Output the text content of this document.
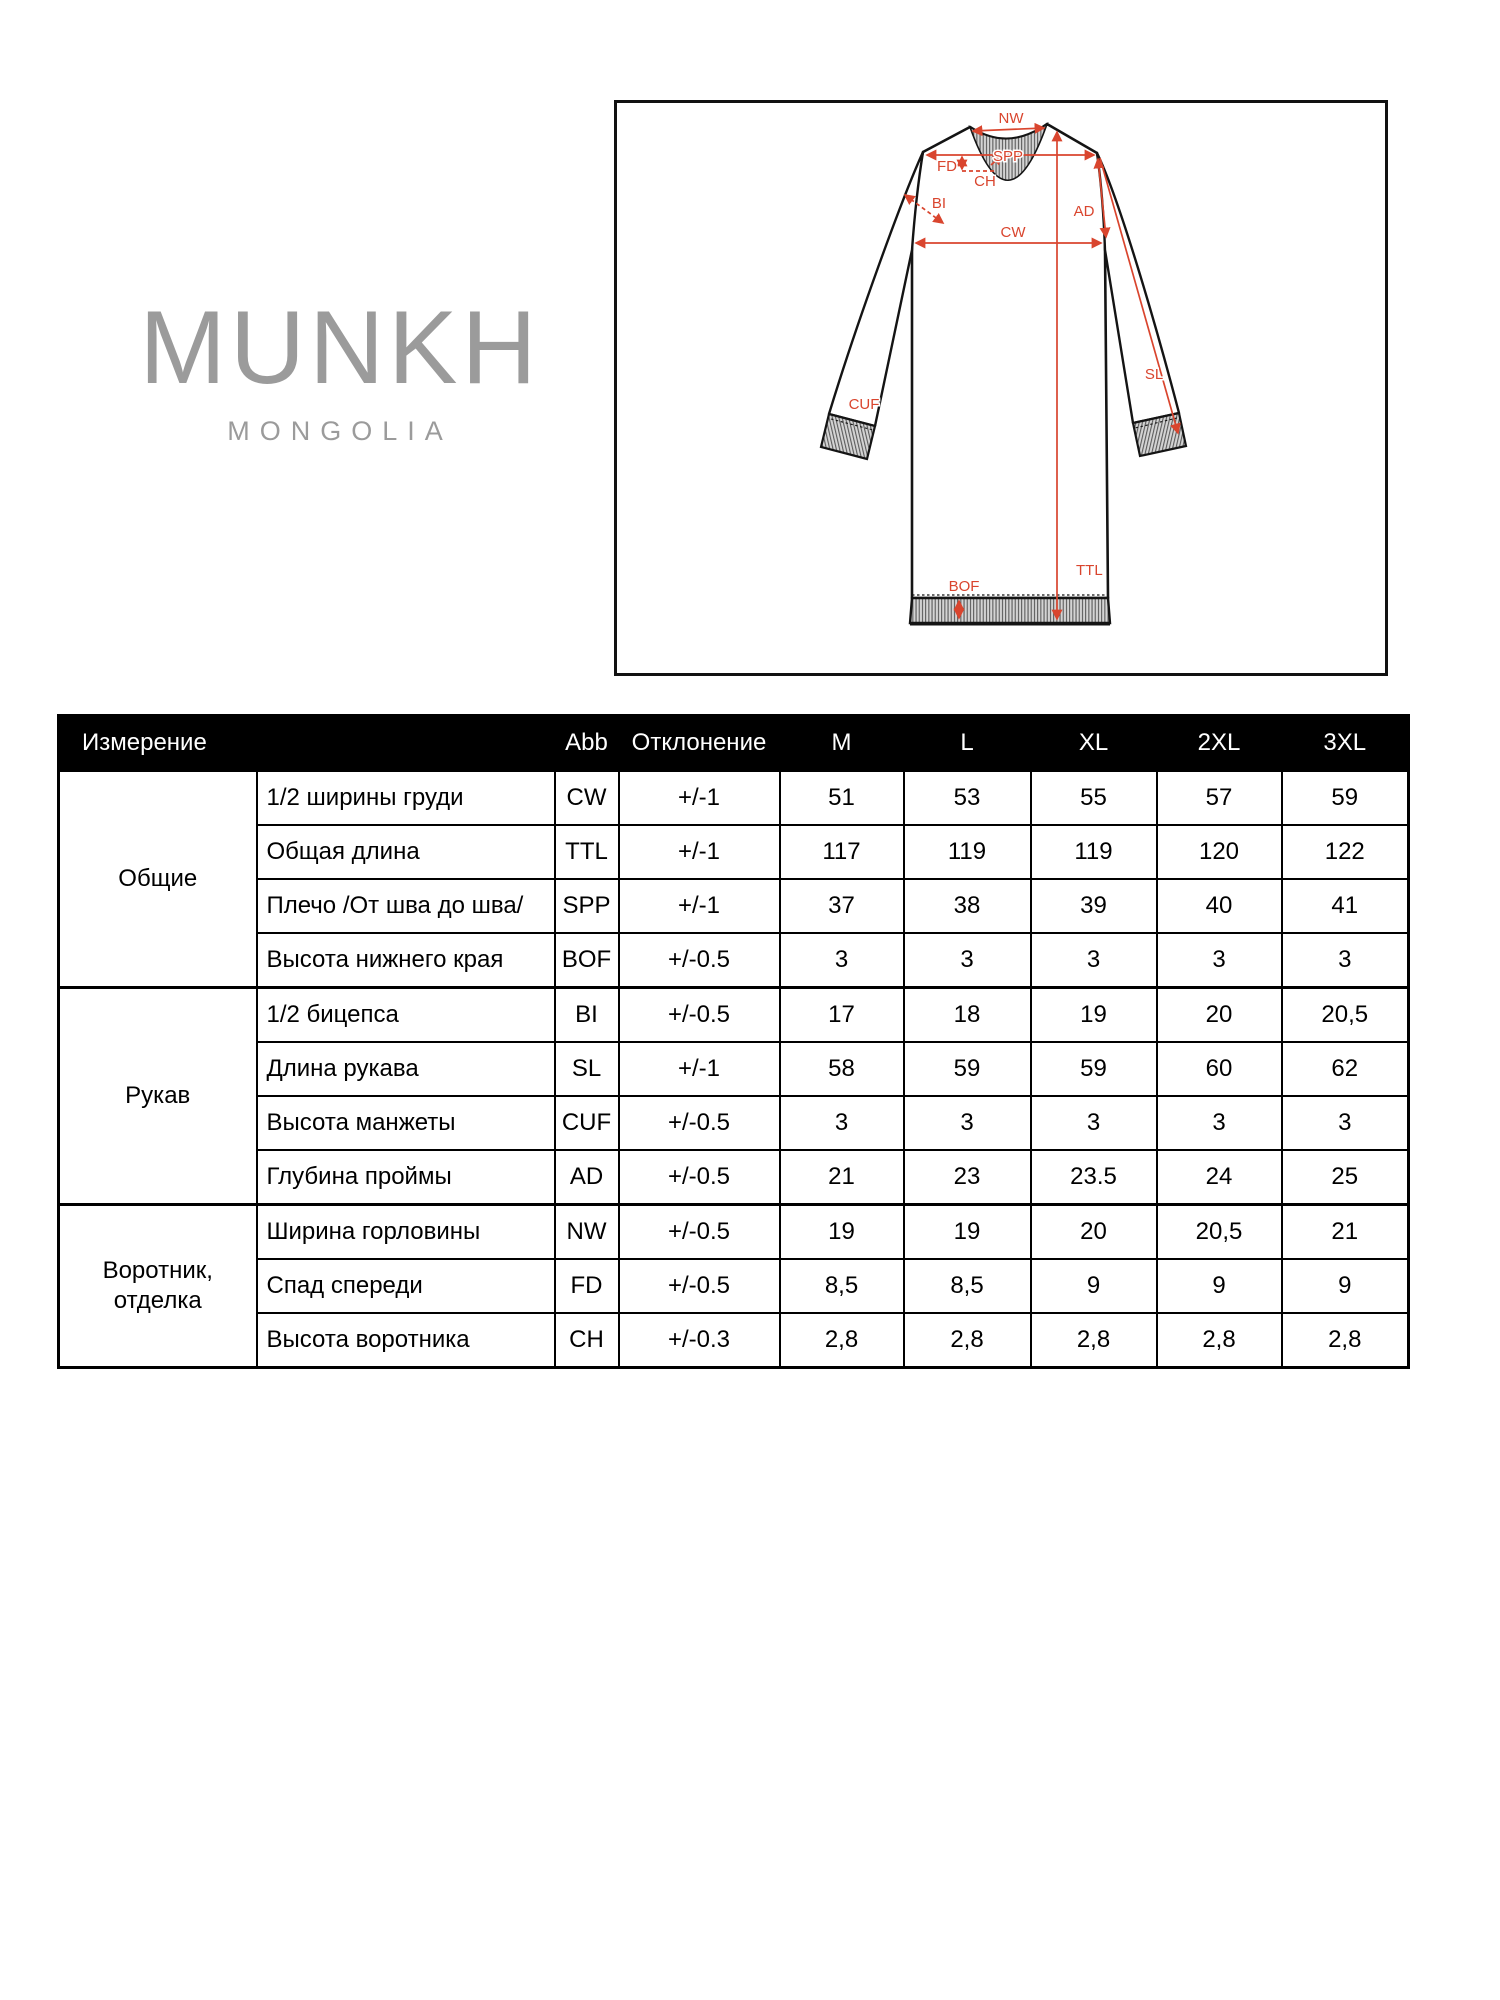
MUNKH
MONGOLIA
NW
SPP
FD
CH
BI
CW
AD
SL
CUF
TTL
BOF
Измерение		Abb	Отклонение	M	L	XL	2XL	3XL
Общие	1/2 ширины груди	CW	+/-1	51	53	55	57	59
	Общая длина	TTL	+/-1	117	119	119	120	122
	Плечо /От шва до шва/	SPP	+/-1	37	38	39	40	41
	Высота нижнего края	BOF	+/-0.5	3	3	3	3	3
Рукав	1/2 бицепса	BI	+/-0.5	17	18	19	20	20,5
	Длина рукава	SL	+/-1	58	59	59	60	62
	Высота манжеты	CUF	+/-0.5	3	3	3	3	3
	Глубина проймы	AD	+/-0.5	21	23	23.5	24	25
Воротник, отделка	Ширина горловины	NW	+/-0.5	19	19	20	20,5	21
	Спад спереди	FD	+/-0.5	8,5	8,5	9	9	9
	Высота воротника	CH	+/-0.3	2,8	2,8	2,8	2,8	2,8
